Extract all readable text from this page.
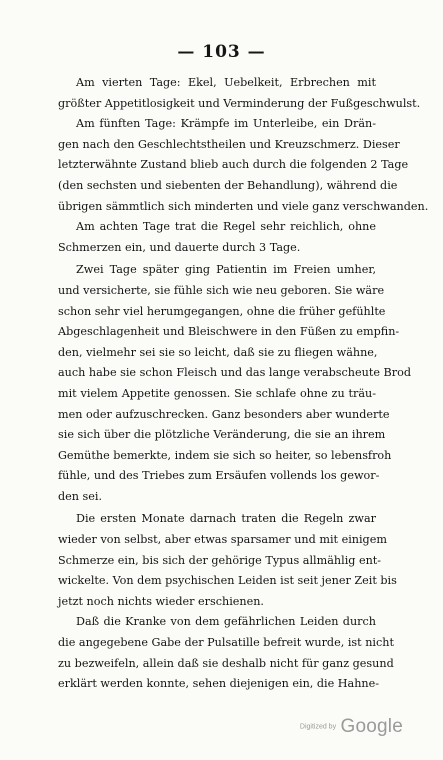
— 103 —
Am vierten Tage: Ekel, Uebelkeit, Erbrechen mit
größter Appetitlosigkeit und Verminderung der Fußgeschwulst.
Am fünften Tage: Krämpfe im Unterleibe, ein Drän-
gen nach den Geschlechtstheilen und Kreuzschmerz. Dieser
letzterwähnte Zustand blieb auch durch die folgenden 2 Tage
(den sechsten und siebenten der Behandlung), während die
übrigen sämmtlich sich minderten und viele ganz verschwanden.
Am achten Tage trat die Regel sehr reichlich, ohne
Schmerzen ein, und dauerte durch 3 Tage.
Zwei Tage später ging Patientin im Freien umher,
und versicherte, sie fühle sich wie neu geboren. Sie wäre
schon sehr viel herumgegangen, ohne die früher gefühlte
Abgeschlagenheit und Bleischwere in den Füßen zu empfin-
den, vielmehr sei sie so leicht, daß sie zu fliegen wähne,
auch habe sie schon Fleisch und das lange verabscheute Brod
mit vielem Appetite genossen. Sie schlafe ohne zu träu-
men oder aufzuschrecken. Ganz besonders aber wunderte
sie sich über die plötzliche Veränderung, die sie an ihrem
Gemüthe bemerkte, indem sie sich so heiter, so lebensfroh
fühle, und des Triebes zum Ersäufen vollends los gewor-
den sei.
Die ersten Monate darnach traten die Regeln zwar
wieder von selbst, aber etwas sparsamer und mit einigem
Schmerze ein, bis sich der gehörige Typus allmählig ent-
wickelte. Von dem psychischen Leiden ist seit jener Zeit bis
jetzt noch nichts wieder erschienen.
Daß die Kranke von dem gefährlichen Leiden durch
die angegebene Gabe der Pulsatille befreit wurde, ist nicht
zu bezweifeln, allein daß sie deshalb nicht für ganz gesund
erklärt werden konnte, sehen diejenigen ein, die Hahne-
Digitized by Google
